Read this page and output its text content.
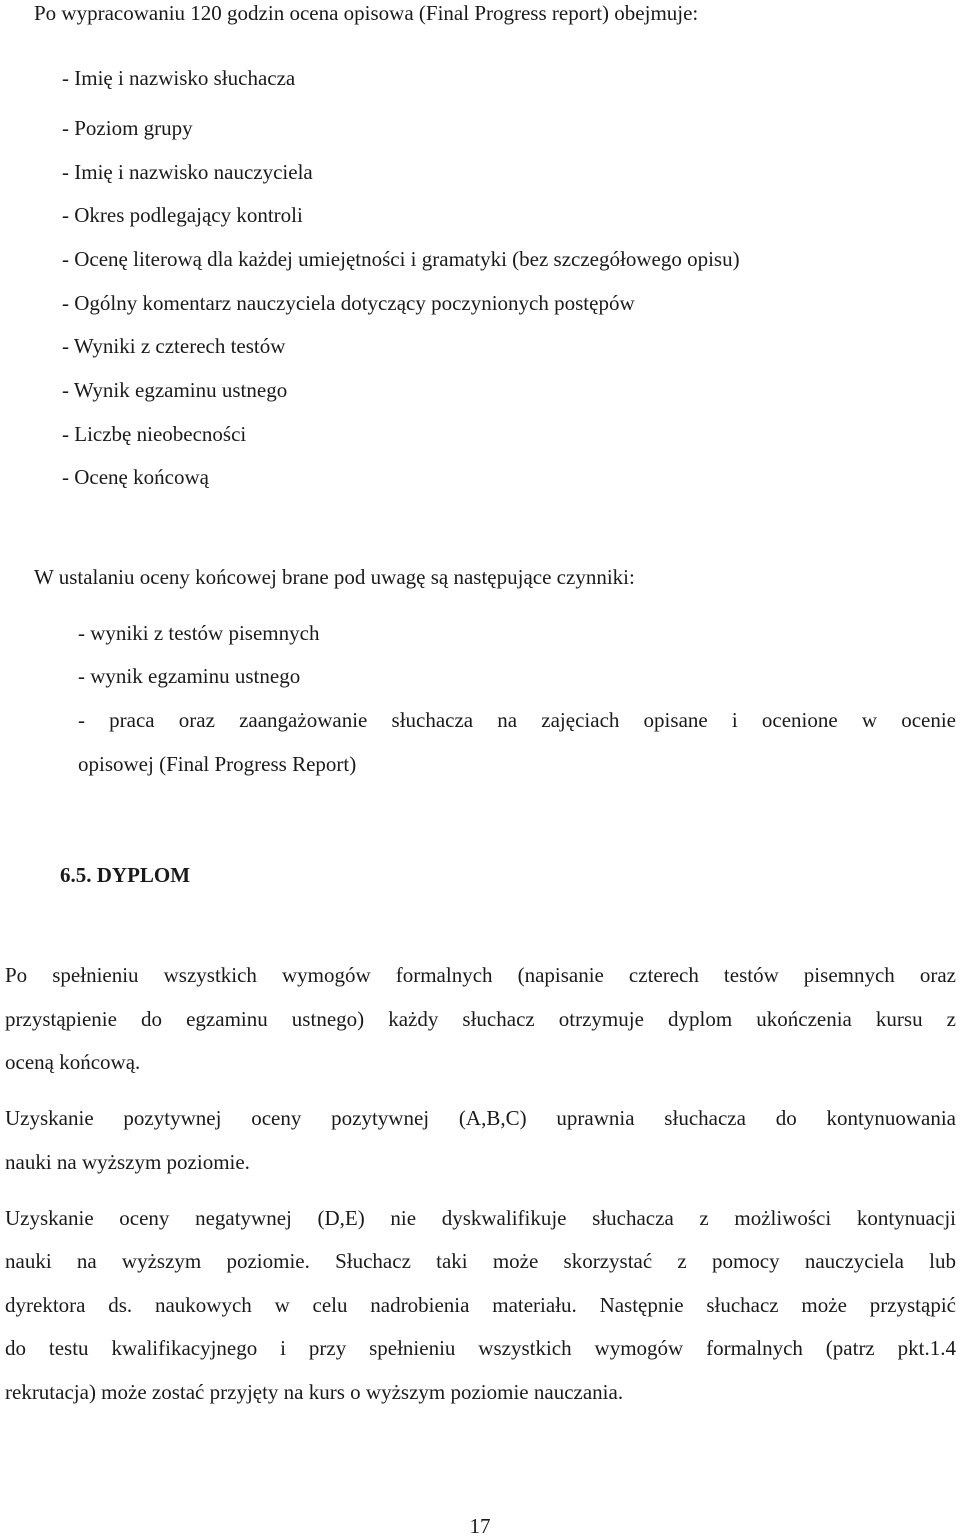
Po wypracowaniu 120 godzin ocena opisowa (Final Progress report) obejmuje:
- Imię i nazwisko słuchacza
- Poziom grupy
- Imię i nazwisko nauczyciela
- Okres podlegający kontroli
- Ocenę literową dla każdej umiejętności i gramatyki (bez szczegółowego opisu)
- Ogólny komentarz nauczyciela dotyczący poczynionych postępów
- Wyniki z czterech testów
- Wynik egzaminu ustnego
- Liczbę nieobecności
- Ocenę końcową
W ustalaniu oceny końcowej brane pod uwagę są następujące czynniki:
- wyniki z testów pisemnych
- wynik egzaminu ustnego
- praca oraz zaangażowanie słuchacza na zajęciach opisane i ocenione w ocenie
opisowej (Final Progress Report)
6.5. DYPLOM
Po spełnieniu wszystkich wymogów formalnych (napisanie czterech testów pisemnych oraz
przystąpienie do egzaminu ustnego) każdy słuchacz otrzymuje dyplom ukończenia kursu z
oceną końcową.
Uzyskanie pozytywnej oceny pozytywnej (A,B,C) uprawnia słuchacza do kontynuowania
nauki na wyższym poziomie.
Uzyskanie oceny negatywnej (D,E) nie dyskwalifikuje słuchacza z możliwości kontynuacji
nauki na wyższym poziomie. Słuchacz taki może skorzystać z pomocy nauczyciela lub
dyrektora ds. naukowych w celu nadrobienia materiału. Następnie słuchacz może przystąpić
do testu kwalifikacyjnego i przy spełnieniu wszystkich wymogów formalnych (patrz pkt.1.4
rekrutacja) może zostać przyjęty na kurs o wyższym poziomie nauczania.
17
